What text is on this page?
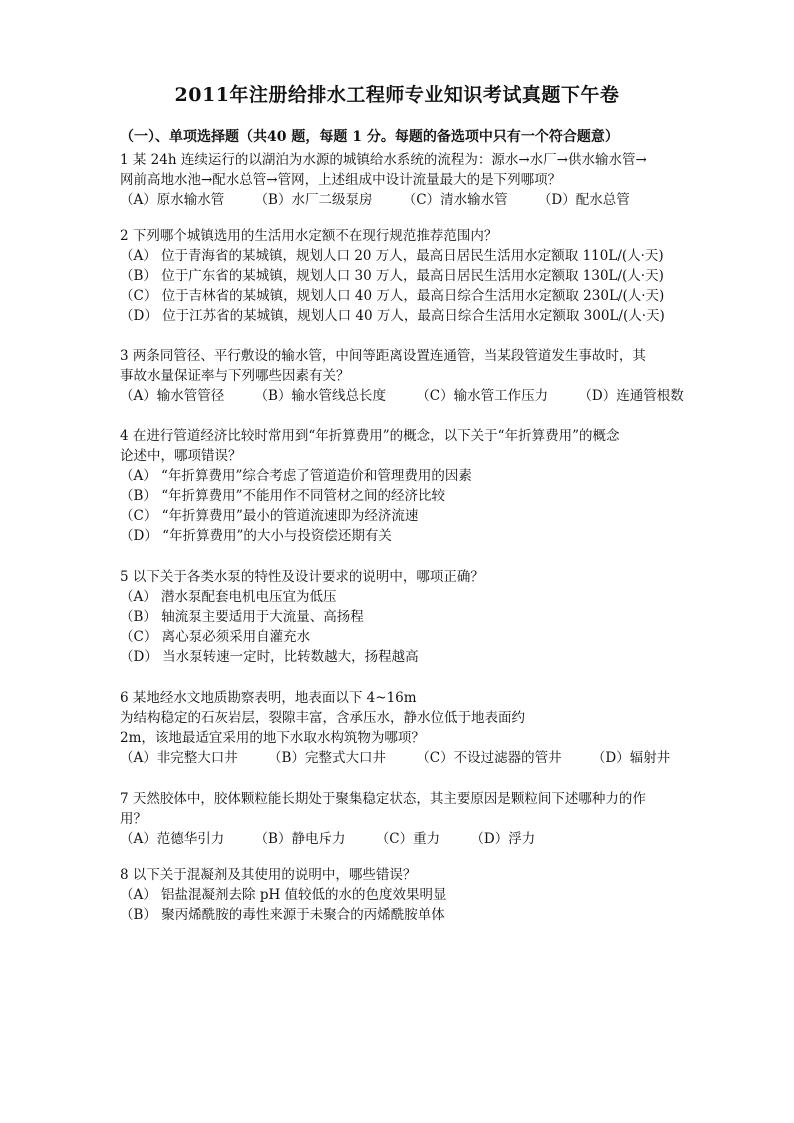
2011年注册给排水工程师专业知识考试真题下午卷
（一）、单项选择题（共40 题，每题 1 分。每题的备选项中只有一个符合题意）

1 某 24h 连续运行的以湖泊为水源的城镇给水系统的流程为：源水→水厂→供水输水管→

网前高地水池→配水总管→管网，上述组成中设计流量最大的是下列哪项？

（A）原水输水管 （B）水厂二级泵房 （C）清水输水管 （D）配水总管

2 下列哪个城镇选用的生活用水定额不在现行规范推荐范围内？

（A） 位于青海省的某城镇，规划人口 20 万人，最高日居民生活用水定额取 110L/(人·天)

（B） 位于广东省的某城镇，规划人口 30 万人，最高日居民生活用水定额取 130L/(人·天)

（C） 位于吉林省的某城镇，规划人口 40 万人，最高日综合生活用水定额取 230L/(人·天)

（D） 位于江苏省的某城镇，规划人口 40 万人，最高日综合生活用水定额取 300L/(人·天)

3 两条同管径、平行敷设的输水管，中间等距离设置连通管，当某段管道发生事故时，其

事故水量保证率与下列哪些因素有关？

（A）输水管管径 （B）输水管线总长度 （C）输水管工作压力 （D）连通管根数

4 在进行管道经济比较时常用到“年折算费用”的概念，以下关于“年折算费用”的概念

论述中，哪项错误？

（A） “年折算费用”综合考虑了管道造价和管理费用的因素

（B） “年折算费用”不能用作不同管材之间的经济比较

（C） “年折算费用”最小的管道流速即为经济流速

（D） “年折算费用”的大小与投资偿还期有关

5 以下关于各类水泵的特性及设计要求的说明中，哪项正确？

（A） 潜水泵配套电机电压宜为低压

（B） 轴流泵主要适用于大流量、高扬程

（C） 离心泵必须采用自灌充水

（D） 当水泵转速一定时，比转数越大，扬程越高

6 某地经水文地质勘察表明，地表面以下 4~16m

为结构稳定的石灰岩层，裂隙丰富，含承压水，静水位低于地表面约

2m，该地最适宜采用的地下水取水构筑物为哪项？

（A）非完整大口井 （B）完整式大口井 （C）不设过滤器的管井 （D）辐射井

7 天然胶体中，胶体颗粒能长期处于聚集稳定状态，其主要原因是颗粒间下述哪种力的作

用？

（A）范德华引力 （B）静电斥力 （C）重力 （D）浮力

8 以下关于混凝剂及其使用的说明中，哪些错误？

（A） 铝盐混凝剂去除 pH 值较低的水的色度效果明显

（B） 聚丙烯酰胺的毒性来源于未聚合的丙烯酰胺单体
